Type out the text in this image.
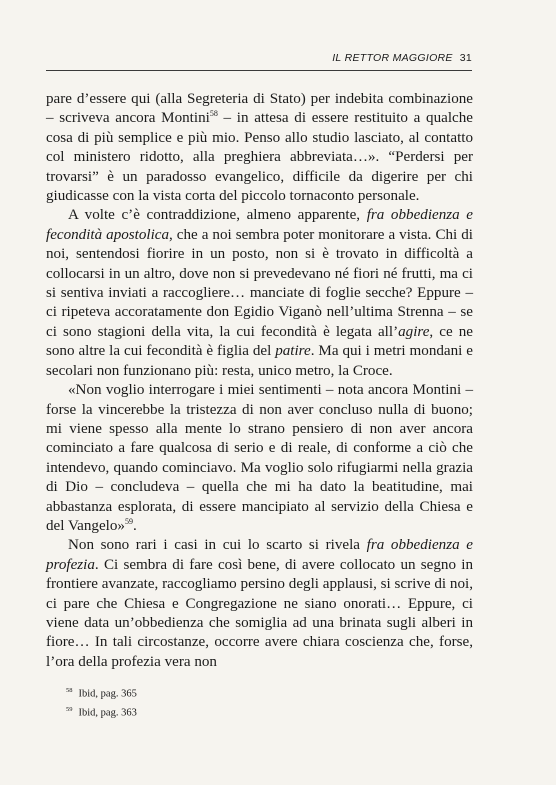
IL RETTOR MAGGIORE 31

pare d’essere qui (alla Segreteria di Stato) per indebita combinazione – scriveva ancora Montini$^{58}$ – in attesa di essere restituito a qualche cosa di più semplice e più mio. Penso allo studio lasciato, al contatto col ministero ridotto, alla preghiera abbreviata…». “Perdersi per trovarsi” è un paradosso evangelico, difficile da digerire per chi giudicasse con la vista corta del piccolo tornaconto personale.

A volte c’è contraddizione, almeno apparente, fra obbedienza e fecondità apostolica, che a noi sembra poter monitorare a vista. Chi di noi, sentendosi fiorire in un posto, non si è trovato in difficoltà a collocarsi in un altro, dove non si prevedevano né fiori né frutti, ma ci si sentiva inviati a raccogliere… manciate di foglie secche? Eppure – ci ripeteva accoratamente don Egidio Viganò nell’ultima Strenna – se ci sono stagioni della vita, la cui fecondità è legata all’agire, ce ne sono altre la cui fecondità è figlia del patire. Ma qui i metri mondani e secolari non funzionano più: resta, unico metro, la Croce.

«Non voglio interrogare i miei sentimenti – nota ancora Montini – forse la vincerebbe la tristezza di non aver concluso nulla di buono; mi viene spesso alla mente lo strano pensiero di non aver ancora cominciato a fare qualcosa di serio e di reale, di conforme a ciò che intendevo, quando cominciavo. Ma voglio solo rifugiarmi nella grazia di Dio – concludeva – quella che mi ha dato la beatitudine, mai abbastanza esplorata, di essere mancipiato al servizio della Chiesa e del Vangelo»$^{59}$.

Non sono rari i casi in cui lo scarto si rivela fra obbedienza e profezia. Ci sembra di fare così bene, di avere collocato un segno in frontiere avanzate, raccogliamo persino degli applausi, si scrive di noi, ci pare che Chiesa e Congregazione ne siano onorati… Eppure, ci viene data un’obbedienza che somiglia ad una brinata sugli alberi in fiore… In tali circostanze, occorre avere chiara coscienza che, forse, l’ora della profezia vera non

$^{58}$ Ibid, pag. 365
$^{59}$ Ibid, pag. 363
